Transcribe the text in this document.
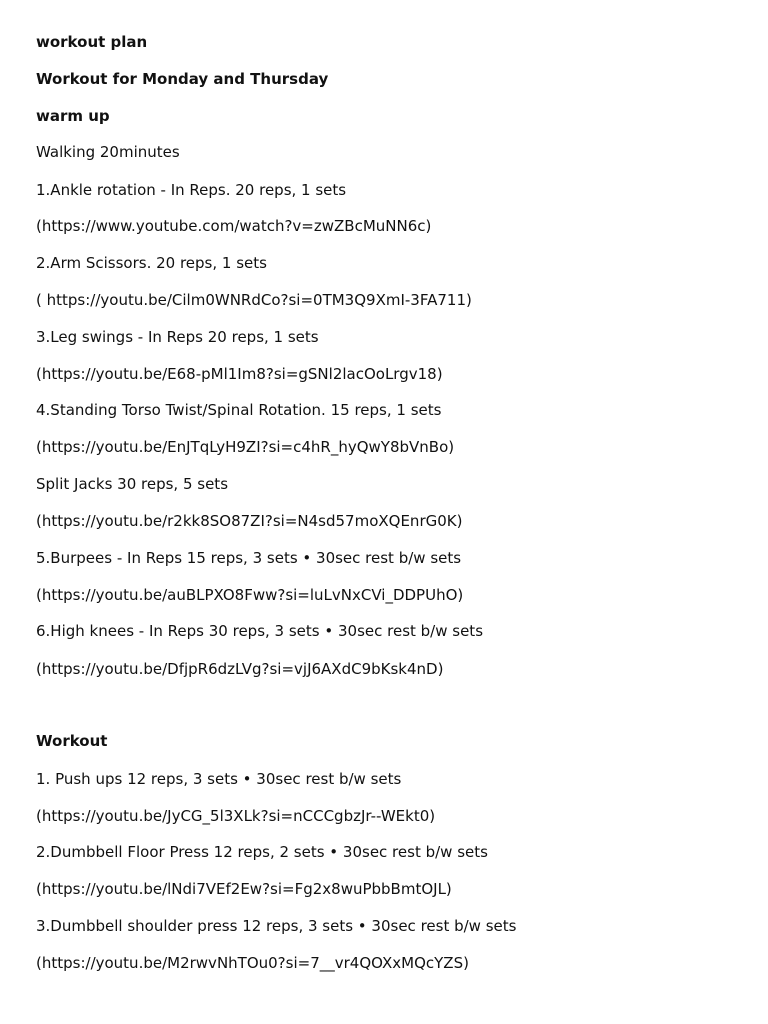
workout plan
Workout for Monday and Thursday
warm up
Walking 20minutes
1.Ankle rotation - In Reps. 20 reps, 1 sets
(https://www.youtube.com/watch?v=zwZBcMuNN6c)
2.Arm Scissors. 20 reps, 1 sets
( https://youtu.be/Cilm0WNRdCo?si=0TM3Q9XmI-3FA711)
3.Leg swings - In Reps 20 reps, 1 sets
(https://youtu.be/E68-pMl1Im8?si=gSNl2lacOoLrgv18)
4.Standing Torso Twist/Spinal Rotation. 15 reps, 1 sets
(https://youtu.be/EnJTqLyH9ZI?si=c4hR_hyQwY8bVnBo)
Split Jacks 30 reps, 5 sets
(https://youtu.be/r2kk8SO87ZI?si=N4sd57moXQEnrG0K)
5.Burpees - In Reps 15 reps, 3 sets • 30sec rest b/w sets
(https://youtu.be/auBLPXO8Fww?si=luLvNxCVi_DDPUhO)
6.High knees - In Reps 30 reps, 3 sets • 30sec rest b/w sets
(https://youtu.be/DfjpR6dzLVg?si=vjJ6AXdC9bKsk4nD)
Workout
1. Push ups 12 reps, 3 sets • 30sec rest b/w sets
(https://youtu.be/JyCG_5l3XLk?si=nCCCgbzJr--WEkt0)
2.Dumbbell Floor Press 12 reps, 2 sets • 30sec rest b/w sets
(https://youtu.be/lNdi7VEf2Ew?si=Fg2x8wuPbbBmtOJL)
3.Dumbbell shoulder press 12 reps, 3 sets • 30sec rest b/w sets
(https://youtu.be/M2rwvNhTOu0?si=7__vr4QOXxMQcYZS)
